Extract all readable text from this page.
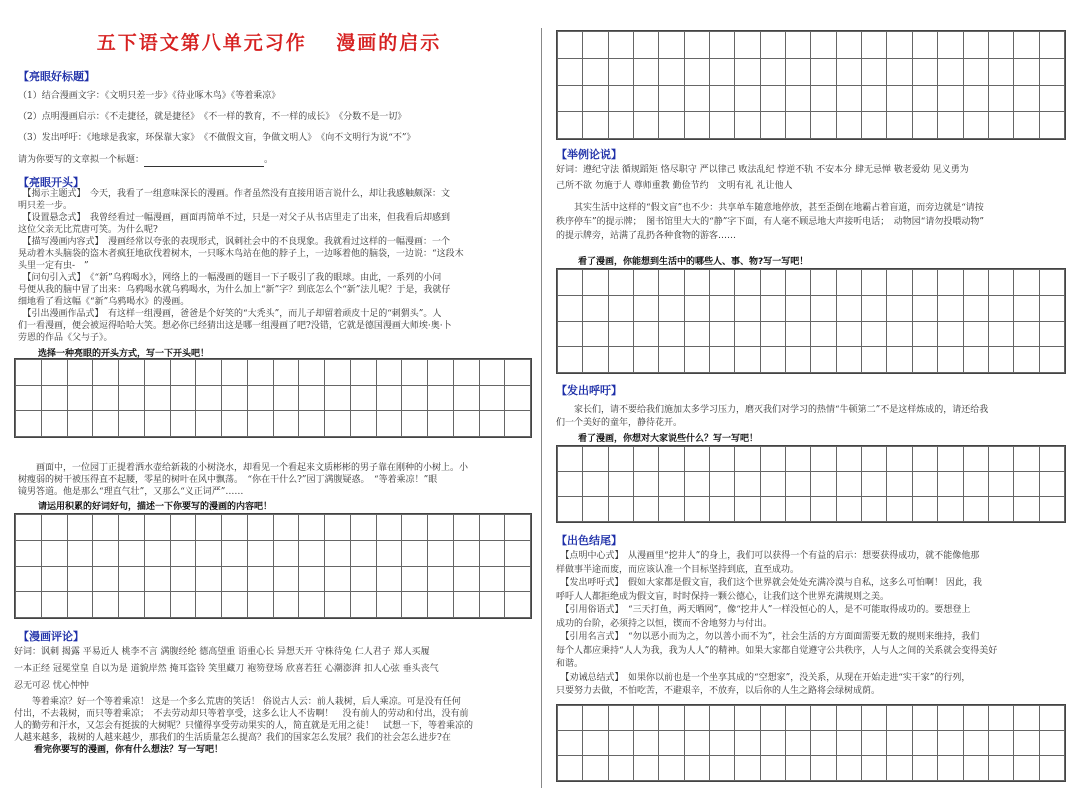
五下语文第八单元习作　 漫画的启示
【亮眼好标题】
（1）结合漫画文字：《文明只差一步》《待业啄木鸟》《等着乘凉》
（2）点明漫画启示：《不走捷径，就是捷径》　《不一样的教育，不一样的成长》　《分数不是一切》
（3）发出呼吁：《地球是我家，环保靠大家》　《不做假文盲，争做文明人》　《向不文明行为说“不”》
请为你要写的文章拟一个标题：	。
【亮眼开头】
　【揭示主题式】　今天，我看了一组意味深长的漫画。作者虽然没有直接用语言说什么，却让我感触颇深：文
明只差一步。
　【设置悬念式】　我曾经看过一幅漫画，画面再简单不过，只是一对父子从书店里走了出来，但我看后却感到
这位父亲无比荒唐可笑。为什么呢?
　【描写漫画内容式】　漫画经常以夸张的表现形式，讽刺社会中的不良现象。我就看过这样的一幅漫画：一个
晃动着木头脑袋的盗木者疯狂地砍伐着树木，一只啄木鸟站在他的脖子上，一边啄着他的脑袋，一边说：“这段木
头里一定有虫-　”
　【问句引入式】　《“新”乌鸦喝水》，网络上的一幅漫画的题目一下子吸引了我的眼球。由此，一系列的小问
号便从我的脑中冒了出来：乌鸦喝水就乌鸦喝水，为什么加上“新”字？到底怎么个“新”法儿呢？于是，我就仔
细地看了看这幅《“新”乌鸦喝水》的漫画。
　【引出漫画作品式】　有这样一组漫画，爸爸是个好笑的“大秃头”，而儿子却留着顽皮十足的“刺猬头”。人
们一看漫画，便会被逗得哈哈大笑。想必你已经猜出这是哪一组漫画了吧?没错，它就是德国漫画大师埃·奥·卜
劳恩的作品《父与子》。
选择一种亮眼的开头方式，写一下开头吧！

　　画面中，一位园丁正提着洒水壶给新栽的小树浇水，却看见一个看起来文质彬彬的男子靠在刚种的小树上。小
树瘦弱的树干被压得直不起腰，零星的树叶在风中飘荡。　“你在干什么?”园丁满腹疑惑。　“等着乘凉！”眼
镜男答道。他是那么“理直气壮”，又那么“义正词严”……
请运用积累的好词好句，描述一下你要写的漫画的内容吧！

【漫画评论】
好词：讽刺 揭露 平易近人 桃李不言 满腹经纶 德高望重 语重心长 异想天开 守株待兔 仁人君子 郑人买履
一本正经 冠冕堂皇 自以为是 道貌岸然 掩耳盗铃 笑里藏刀 袍笏登场 欣喜若狂 心潮澎湃 扣人心弦 垂头丧气
忍无可忍 忧心忡忡
　　等着乘凉？好一个等着乘凉！ 这是一个多么荒唐的笑话！ 俗说古人云：前人栽树，后人乘凉。可是没有任何
付出，不去栽树，而只等着乘凉；　不去劳动却只等着享受，这多么让人不齿啊！　没有前人的劳动和付出，没有前
人的勤劳和汗水，又怎会有挺拔的大树呢？只懂得享受劳动果实的人，简直就是无用之徒！　试想一下，等着乘凉的
人越来越多，栽树的人越来越少，那我们的生活质量怎么提高？我们的国家怎么发展？我们的社会怎么进步?在
看完你要写的漫画，你有什么想法？写一写吧！

【举例论说】
好词：遵纪守法 循规蹈矩 恪尽职守 严以律己 败法乱纪 悖逆不轨 不安本分 肆无忌惮 敬老爱幼 见义勇为
己所不欲 勿施于人 尊师重教 勤俭节约　文明有礼 礼让他人
　　其实生活中这样的“假文盲”也不少：共享单车随意地停放，甚至歪倒在地霸占着盲道，而旁边就是“请按
秩序停车”的提示牌；　图书馆里大大的“静”字下面，有人毫不顾忌地大声接听电话；　动物园“请勿投喂动物”
的提示牌旁，站满了乱扔各种食物的游客……
看了漫画，你能想到生活中的哪些人、事、物?写一写吧！

【发出呼吁】
　　家长们，请不要给我们施加太多学习压力，磨灭我们对学习的热情“牛顿第二”不是这样炼成的，请还给我
们一个美好的童年，静待花开。
看了漫画，你想对大家说些什么？写一写吧！

【出色结尾】
　【点明中心式】　从漫画里“挖井人”的身上，我们可以获得一个有益的启示：想要获得成功，就不能像他那
样做事半途而废，而应该认准一个目标坚持到底，直至成功。
　【发出呼吁式】　假如大家都是假文盲，我们这个世界就会处处充满冷漠与自私，这多么可怕啊！ 因此，我
呼吁人人都拒绝成为假文盲，时时保持一颗公德心，让我们这个世界充满规则之美。
　【引用俗语式】　“三天打鱼，两天晒网”，像“挖井人”一样没恒心的人，是不可能取得成功的。要想登上
成功的台阶，必须持之以恒，锲而不舍地努力与付出。
　【引用名言式】　“勿以恶小而为之，勿以善小而不为”，社会生活的方方面面需要无数的规则来维持，我们
每个人都应秉持“人人为我，我为人人”的精神。如果大家都自觉遵守公共秩序，人与人之间的关系就会变得美好
和谐。
　【劝诫总结式】　如果你以前也是一个坐享其成的“空想家”，没关系，从现在开始走进“实干家”的行列，
只要努力去做，不怕吃苦，不避艰辛，不放弃，以后你的人生之路将会绿树成荫。
